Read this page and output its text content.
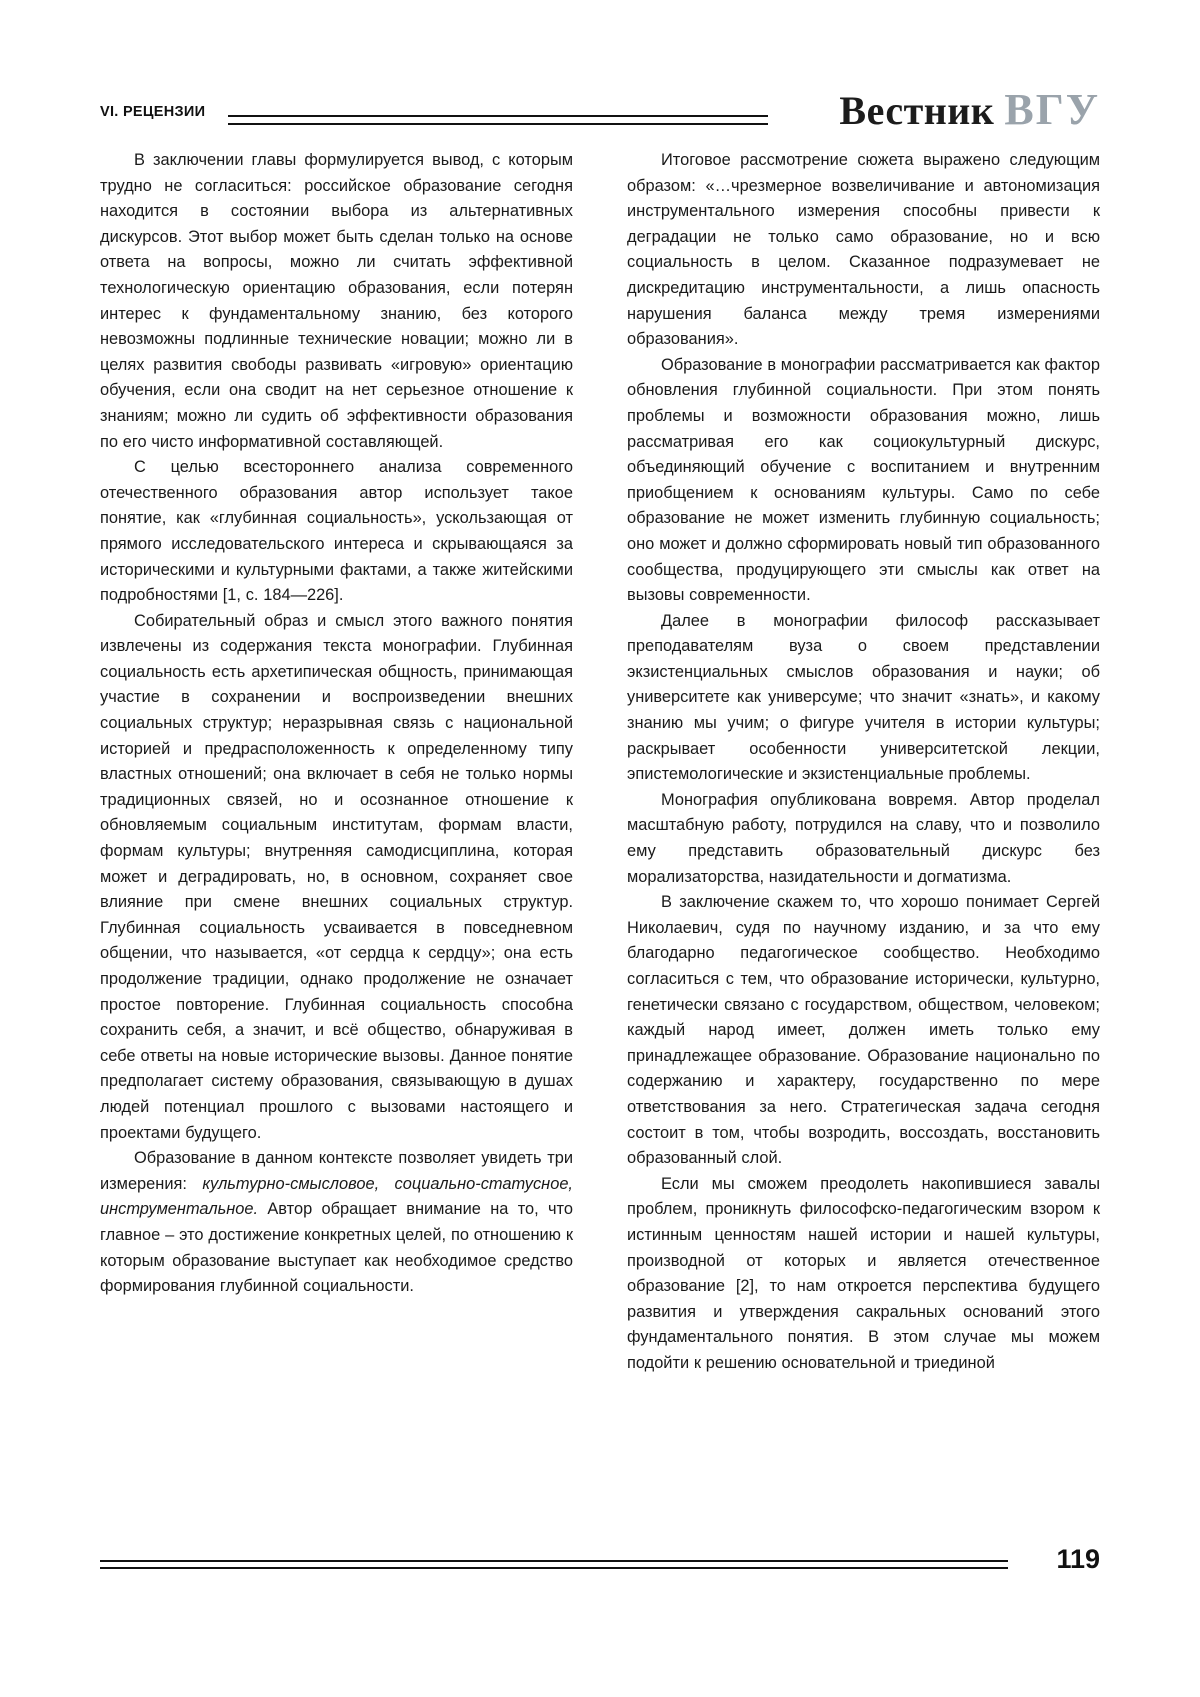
VI. РЕЦЕНЗИИ	Вестник ВГУ

В заключении главы формулируется вывод, с которым трудно не согласиться: российское образование сегодня находится в состоянии выбора из альтернативных дискурсов. Этот выбор может быть сделан только на основе ответа на вопросы, можно ли считать эффективной технологическую ориентацию образования, если потерян интерес к фундаментальному знанию, без которого невозможны подлинные технические новации; можно ли в целях развития свободы развивать «игровую» ориентацию обучения, если она сводит на нет серьезное отношение к знаниям; можно ли судить об эффективности образования по его чисто информативной составляющей.

С целью всестороннего анализа современного отечественного образования автор использует такое понятие, как «глубинная социальность», ускользающая от прямого исследовательского интереса и скрывающаяся за историческими и культурными фактами, а также житейскими подробностями [1, с. 184—226].

Собирательный образ и смысл этого важного понятия извлечены из содержания текста монографии. Глубинная социальность есть архетипическая общность, принимающая участие в сохранении и воспроизведении внешних социальных структур; неразрывная связь с национальной историей и предрасположенность к определенному типу властных отношений; она включает в себя не только нормы традиционных связей, но и осознанное отношение к обновляемым социальным институтам, формам власти, формам культуры; внутренняя самодисциплина, которая может и деградировать, но, в основном, сохраняет свое влияние при смене внешних социальных структур. Глубинная социальность усваивается в повседневном общении, что называется, «от сердца к сердцу»; она есть продолжение традиции, однако продолжение не означает простое повторение. Глубинная социальность способна сохранить себя, а значит, и всё общество, обнаруживая в себе ответы на новые исторические вызовы. Данное понятие предполагает систему образования, связывающую в душах людей потенциал прошлого с вызовами настоящего и проектами будущего.

Образование в данном контексте позволяет увидеть три измерения: культурно-смысловое, социально-статусное, инструментальное. Автор обращает внимание на то, что главное – это достижение конкретных целей, по отношению к которым образование выступает как необходимое средство формирования глубинной социальности.

Итоговое рассмотрение сюжета выражено следующим образом: «…чрезмерное возвеличивание и автономизация инструментального измерения способны привести к деградации не только само образование, но и всю социальность в целом. Сказанное подразумевает не дискредитацию инструментальности, а лишь опасность нарушения баланса между тремя измерениями образования».

Образование в монографии рассматривается как фактор обновления глубинной социальности. При этом понять проблемы и возможности образования можно, лишь рассматривая его как социокультурный дискурс, объединяющий обучение с воспитанием и внутренним приобщением к основаниям культуры. Само по себе образование не может изменить глубинную социальность; оно может и должно сформировать новый тип образованного сообщества, продуцирующего эти смыслы как ответ на вызовы современности.

Далее в монографии философ рассказывает преподавателям вуза о своем представлении экзистенциальных смыслов образования и науки; об университете как универсуме; что значит «знать», и какому знанию мы учим; о фигуре учителя в истории культуры; раскрывает особенности университетской лекции, эпистемологические и экзистенциальные проблемы.

Монография опубликована вовремя. Автор проделал масштабную работу, потрудился на славу, что и позволило ему представить образовательный дискурс без морализаторства, назидательности и догматизма.

В заключение скажем то, что хорошо понимает Сергей Николаевич, судя по научному изданию, и за что ему благодарно педагогическое сообщество. Необходимо согласиться с тем, что образование исторически, культурно, генетически связано с государством, обществом, человеком; каждый народ имеет, должен иметь только ему принадлежащее образование. Образование национально по содержанию и характеру, государственно по мере ответствования за него. Стратегическая задача сегодня состоит в том, чтобы возродить, воссоздать, восстановить образованный слой.

Если мы сможем преодолеть накопившиеся завалы проблем, проникнуть философско-педагогическим взором к истинным ценностям нашей истории и нашей культуры, производной от которых и является отечественное образование [2], то нам откроется перспектива будущего развития и утверждения сакральных оснований этого фундаментального понятия. В этом случае мы можем подойти к решению основательной и триединой

119
